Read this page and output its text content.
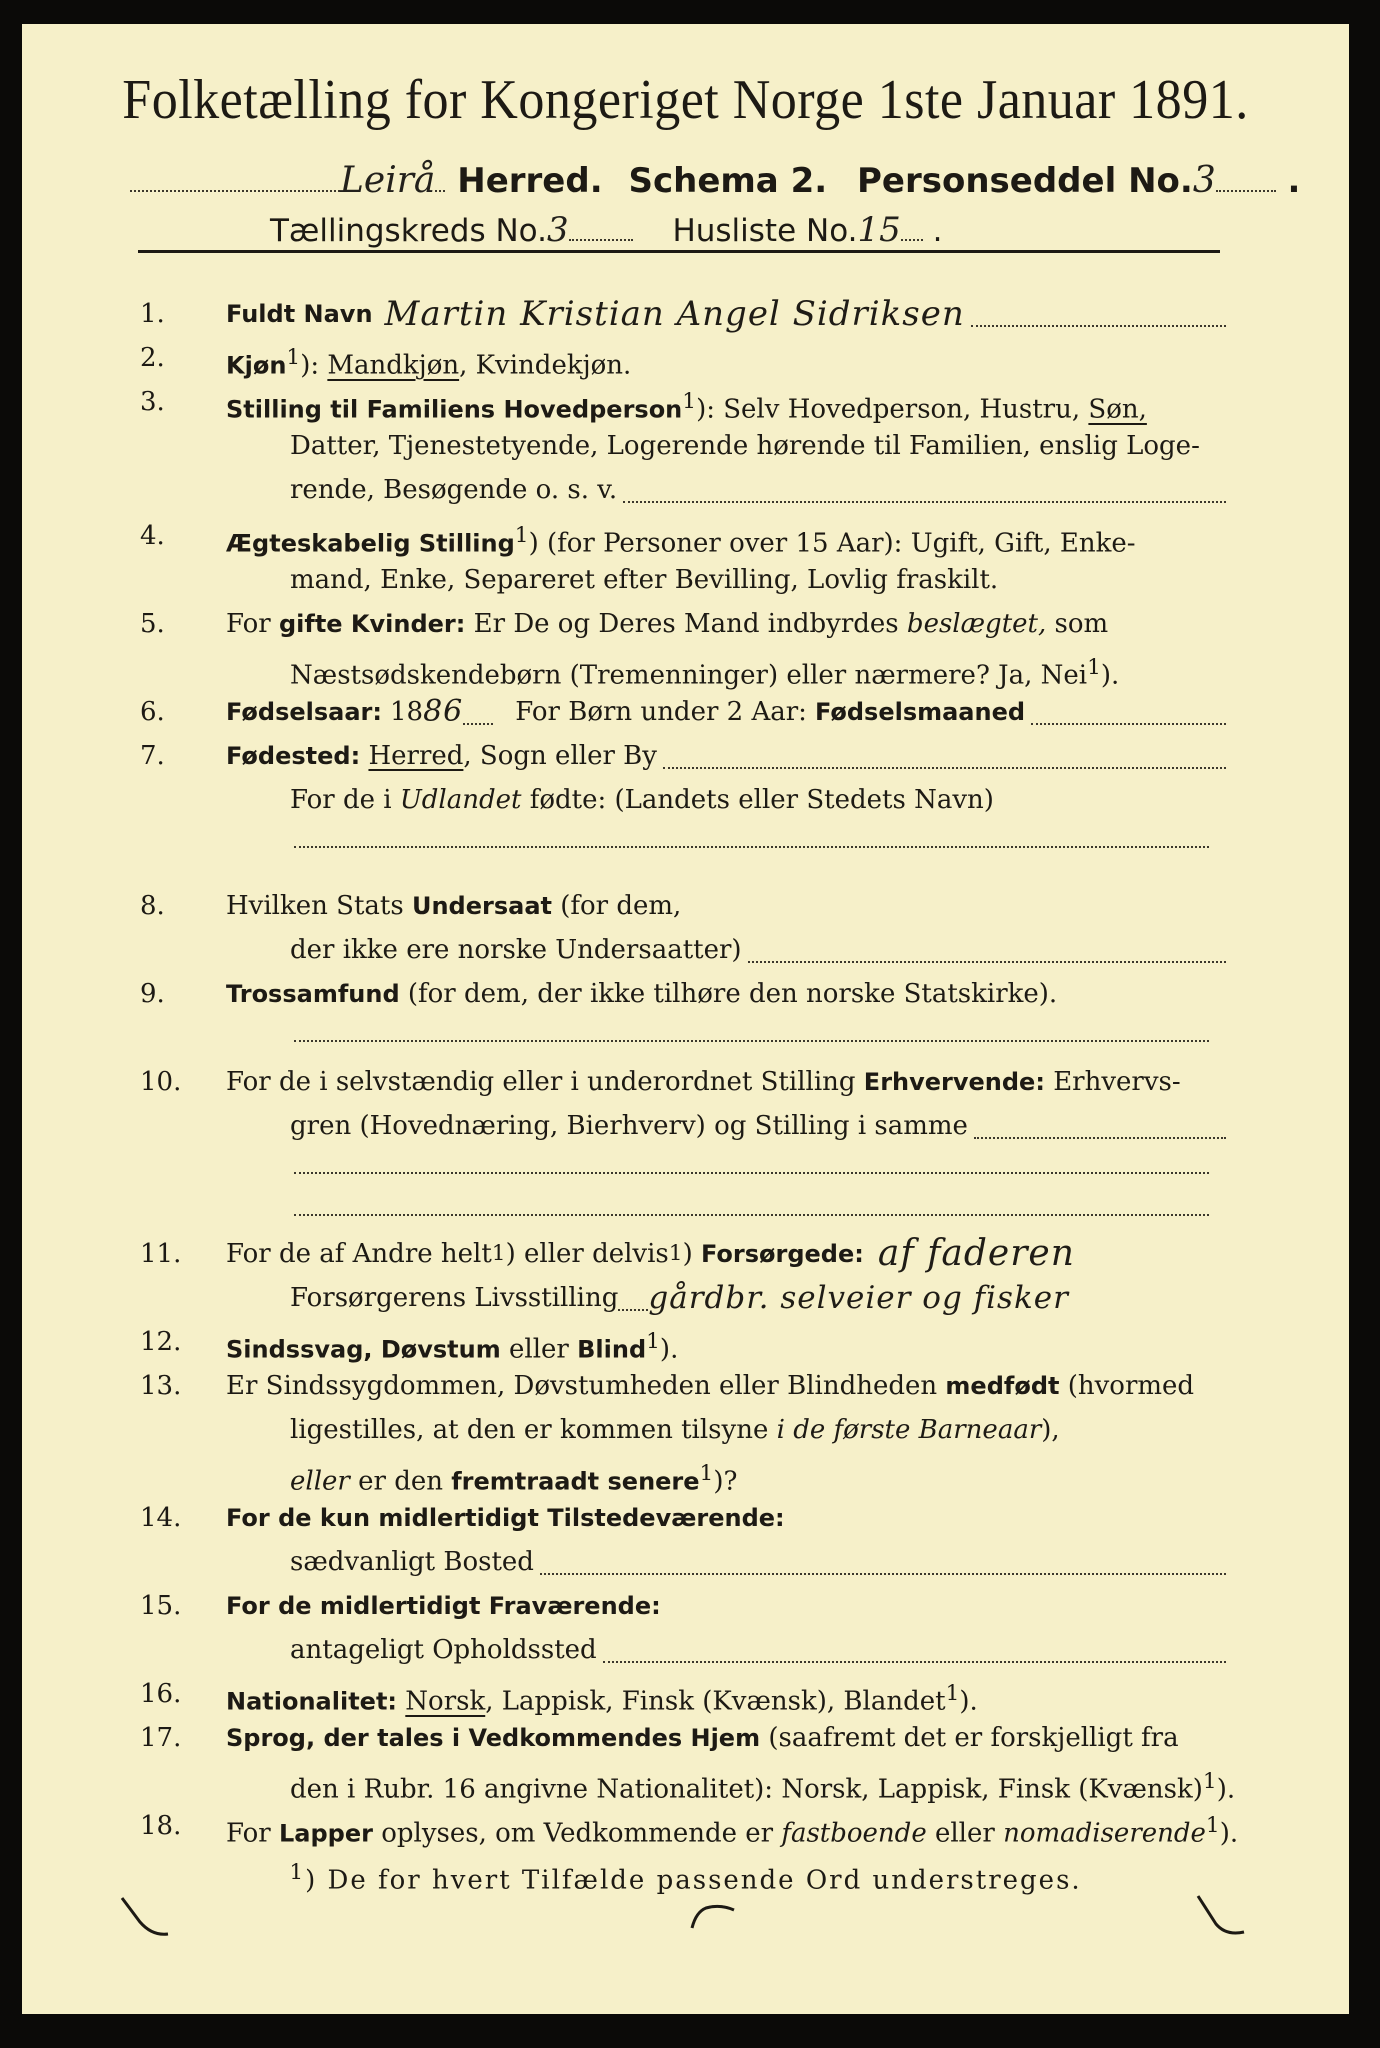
Folketælling for Kongeriget Norge 1ste Januar 1891.
Leirå Herred. Schema 2. Personseddel No.3 .
Tællingskreds No.3	Husliste No.15 .
1.	Fuldt Navn Martin Kristian Angel Sidriksen
2.	Kjøn$^1$): Mandkjøn, Kvindekjøn.
3.	Stilling til Familiens Hovedperson$^1$): Selv Hovedperson, Hustru, Søn,
Datter, Tjenestetyende, Logerende hørende til Familien, enslig Loge-
rende, Besøgende o. s. v.
4.	Ægteskabelig Stilling$^1$) (for Personer over 15 Aar): Ugift, Gift, Enke-
mand, Enke, Separeret efter Bevilling, Lovlig fraskilt.
5.	For gifte Kvinder: Er De og Deres Mand indbyrdes beslægtet, som
Næstsødskendebørn (Tremenninger) eller nærmere? Ja, Nei$^1$).
6.	Fødselsaar: 18 86 For Børn under 2 Aar: Fødselsmaaned
7.	Fødested:
Herred , Sogn eller By
For de i Udlandet fødte: (Landets eller Stedets Navn)
8.	Hvilken Stats Undersaat (for dem,
der ikke ere norske Undersaatter)
9.	Trossamfund (for dem, der ikke tilhøre den norske Statskirke).
10.	For de i selvstændig eller i underordnet Stilling Erhvervende: Erhvervs-
gren (Hovednæring, Bierhverv) og Stilling i samme
11.	For de af Andre helt 1 ) eller delvis 1 )
Forsørgede: af faderen
Forsørgerens Livsstilling gårdbr. selveier og fisker
12.	Sindssvag, Døvstum eller Blind$^1$).
13.	Er Sindssygdommen, Døvstumheden eller Blindheden medfødt (hvormed
ligestilles, at den er kommen tilsyne i de første Barneaar),
eller er den fremtraadt senere$^1$)?
14.	For de kun midlertidigt Tilstedeværende:
sædvanligt Bosted
15.	For de midlertidigt Fraværende:
antageligt Opholdssted
16.	Nationalitet: Norsk, Lappisk, Finsk (Kvænsk), Blandet$^1$).
17.	Sprog, der tales i Vedkommendes Hjem (saafremt det er forskjelligt fra
den i Rubr. 16 angivne Nationalitet): Norsk, Lappisk, Finsk (Kvænsk)$^1$).
18.	For Lapper oplyses, om Vedkommende er fastboende eller nomadiserende$^1$).
$^1$) De for hvert Tilfælde passende Ord understreges.
